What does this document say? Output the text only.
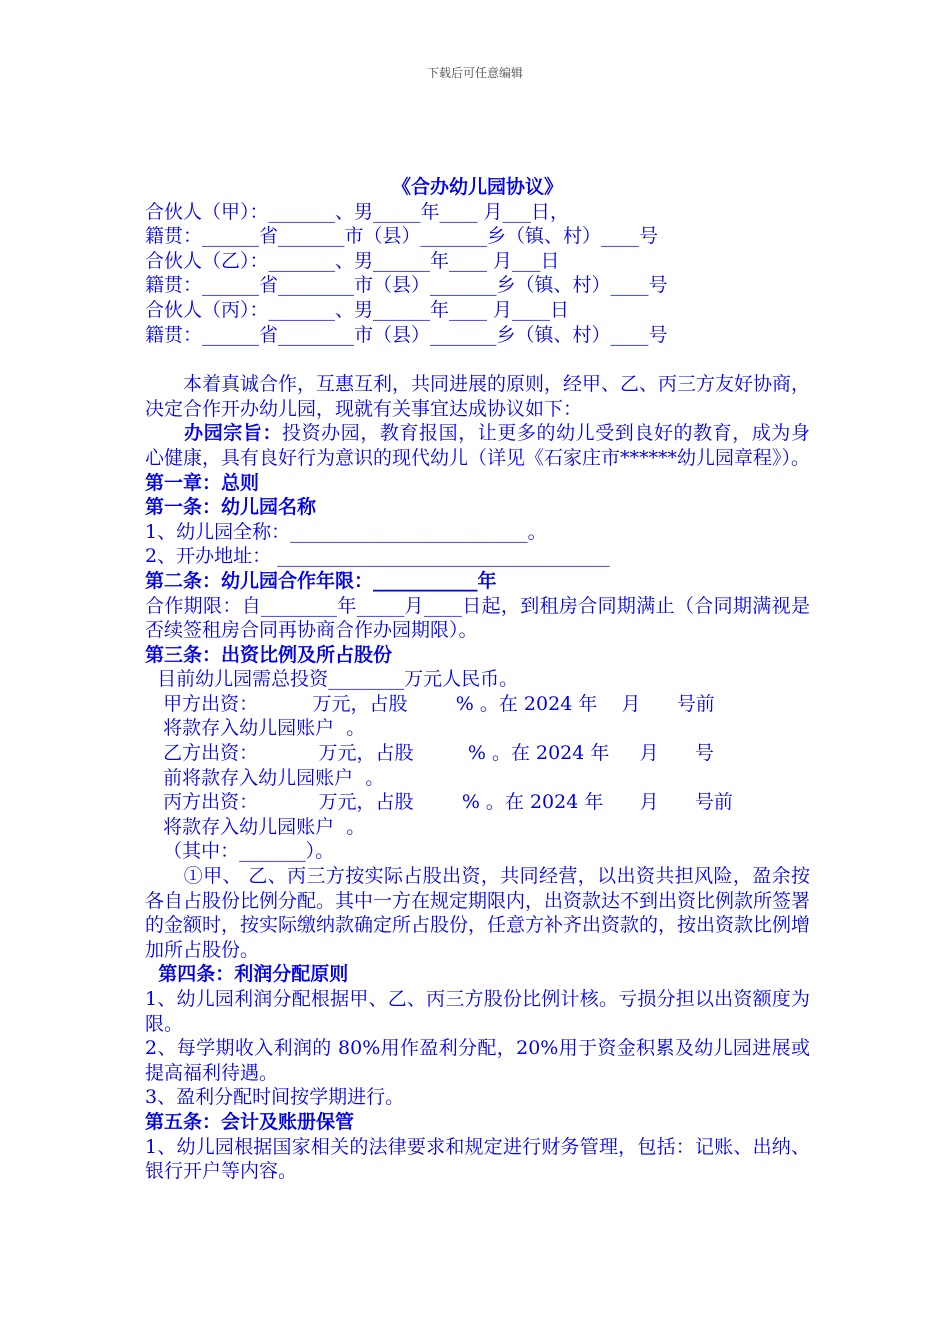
下载后可任意编辑

《合办幼儿园协议》

合伙人（甲）：_______、男_____年____ 月___日，

籍贯：______省_______市（县）_______乡（镇、村）____号

合伙人（乙）：_______、男______年____ 月___日

籍贯：______省________市（县）_______乡（镇、村）____号

合伙人（丙）：_______、男______年____ 月____日

籍贯：______省________市（县）_______乡（镇、村）____号

　　本着真诚合作，互惠互利，共同进展的原则，经甲、乙、丙三方友好协商，决定合作开办幼儿园，现就有关事宜达成协议如下：

　　办园宗旨：投资办园，教育报国，让更多的幼儿受到良好的教育，成为身心健康，具有良好行为意识的现代幼儿（详见《石家庄市******幼儿园章程》）。

第一章：总则

第一条：幼儿园名称

1、幼儿园全称：_________________________。

2、开办地址： ___________________________________

第二条：幼儿园合作年限：___________年

合作期限：自________年_____月____日起，到租房合同期满止（合同期满视是否续签租房合同再协商合作办园期限）。

第三条：出资比例及所占股份

目前幼儿园需总投资________万元人民币。

甲方出资：         万元，占股        % 。在 2024 年    月      号前

将款存入幼儿园账户  。

乙方出资：          万元，占股         % 。在 2024 年     月      号

前将款存入幼儿园账户  。

丙方出资：          万元，占股        % 。在 2024 年      月      号前

将款存入幼儿园账户  。

（其中：_______）。

　　①甲、 乙、丙三方按实际占股出资，共同经营，以出资共担风险，盈余按各自占股份比例分配。其中一方在规定期限内，出资款达不到出资比例款所签署的金额时，按实际缴纳款确定所占股份，任意方补齐出资款的，按出资款比例增加所占股份。

第四条：利润分配原则

1、幼儿园利润分配根据甲、乙、丙三方股份比例计核。亏损分担以出资额度为限。

2、每学期收入利润的 80%用作盈利分配，20%用于资金积累及幼儿园进展或提高福利待遇。

3、盈利分配时间按学期进行。

第五条：会计及账册保管

1、幼儿园根据国家相关的法律要求和规定进行财务管理，包括：记账、出纳、银行开户等内容。
